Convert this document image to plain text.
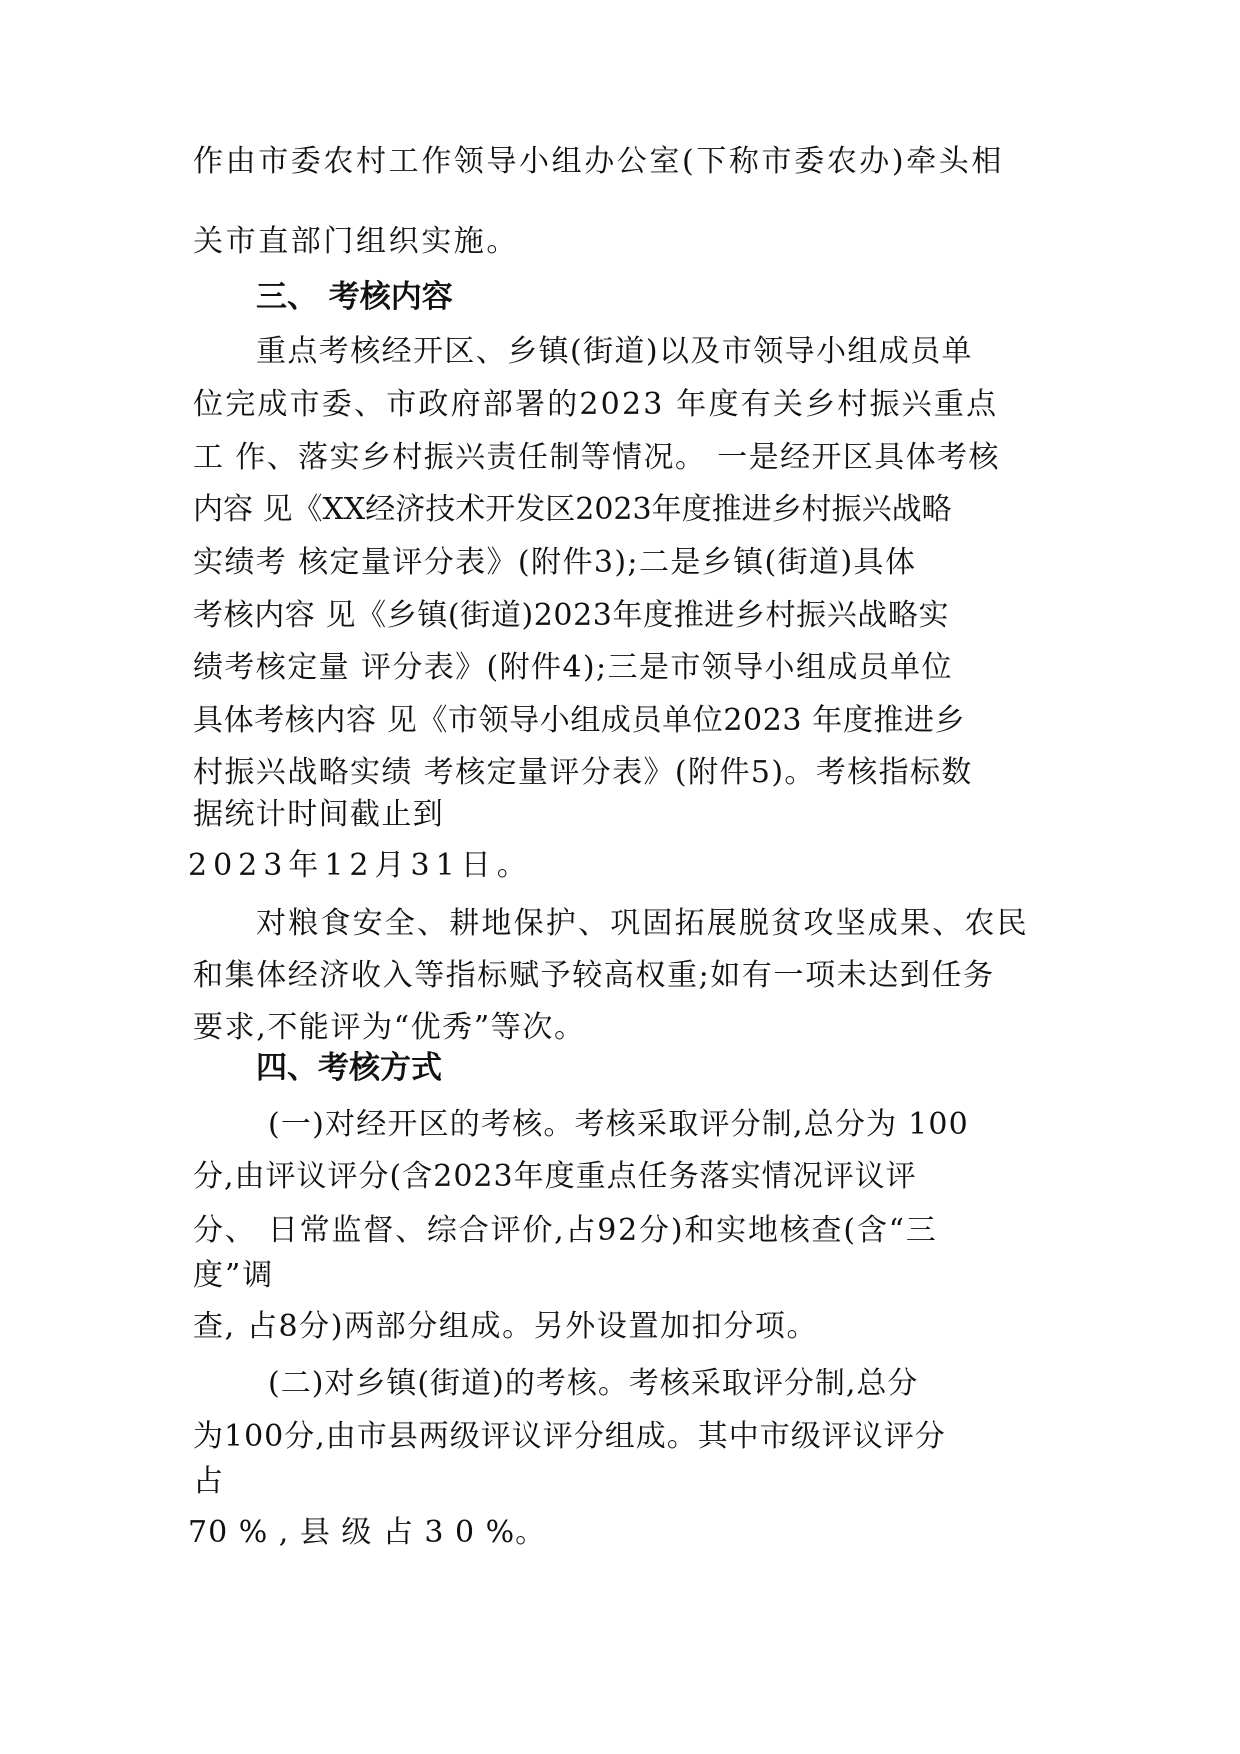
作由市委农村工作领导小组办公室(下称市委农办)牵头相
关市直部门组织实施。
三、 考核内容
重点考核经开区、乡镇(街道)以及市领导小组成员单
位完成市委、市政府部署的2023 年度有关乡村振兴重点
工 作、落实乡村振兴责任制等情况。 一是经开区具体考核
内容 见《XX经济技术开发区2023年度推进乡村振兴战略
实绩考 核定量评分表》(附件3);二是乡镇(街道)具体
考核内容 见《乡镇(街道)2023年度推进乡村振兴战略实
绩考核定量 评分表》(附件4);三是市领导小组成员单位
具体考核内容 见《市领导小组成员单位2023 年度推进乡
村振兴战略实绩 考核定量评分表》(附件5)。考核指标数
据统计时间截止到
2023年12月31日。
对粮食安全、耕地保护、巩固拓展脱贫攻坚成果、农民
和集体经济收入等指标赋予较高权重;如有一项未达到任务
要求,不能评为“优秀”等次。
四、考核方式
(一)对经开区的考核。考核采取评分制,总分为 100
分,由评议评分(含2023年度重点任务落实情况评议评
分、 日常监督、综合评价,占92分)和实地核查(含“三
度”调
查, 占8分)两部分组成。另外设置加扣分项。
(二)对乡镇(街道)的考核。考核采取评分制,总分
为100分,由市县两级评议评分组成。其中市级评议评分
占
70 % , 县 级 占 3 0 %。
